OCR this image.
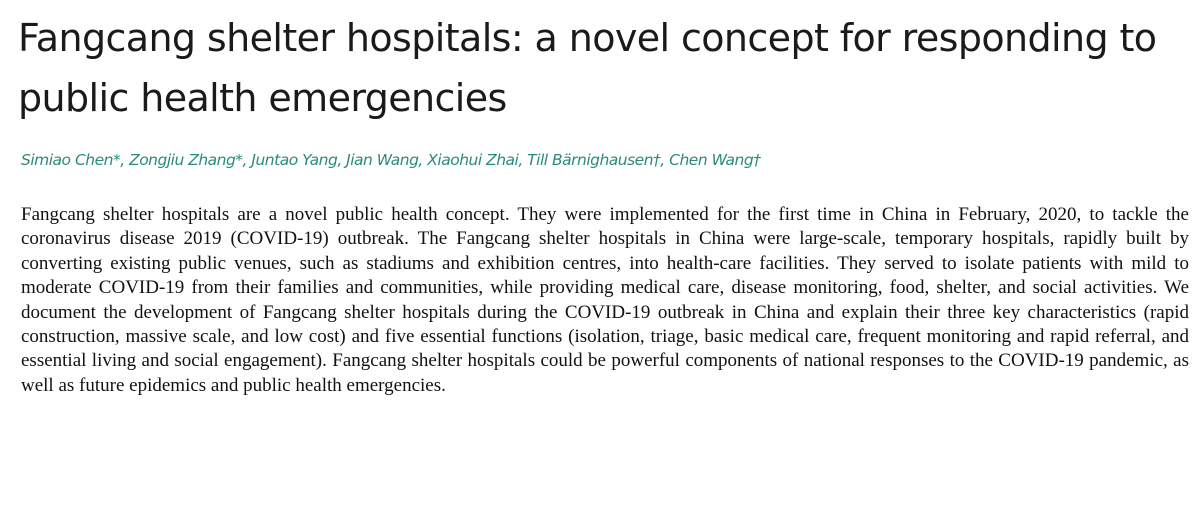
Fangcang shelter hospitals: a novel concept for responding to public health emergencies

Simiao Chen*, Zongjiu Zhang*, Juntao Yang, Jian Wang, Xiaohui Zhai, Till Bärnighausen†, Chen Wang†

Fangcang shelter hospitals are a novel public health concept. They were implemented for the first time in China in February, 2020, to tackle the coronavirus disease 2019 (COVID-19) outbreak. The Fangcang shelter hospitals in China were large-scale, temporary hospitals, rapidly built by converting existing public venues, such as stadiums and exhibition centres, into health-care facilities. They served to isolate patients with mild to moderate COVID-19 from their families and communities, while providing medical care, disease monitoring, food, shelter, and social activities. We document the development of Fangcang shelter hospitals during the COVID-19 outbreak in China and explain their three key characteristics (rapid construction, massive scale, and low cost) and five essential functions (isolation, triage, basic medical care, frequent monitoring and rapid referral, and essential living and social engagement). Fangcang shelter hospitals could be powerful components of national responses to the COVID-19 pandemic, as well as future epidemics and public health emergencies.
